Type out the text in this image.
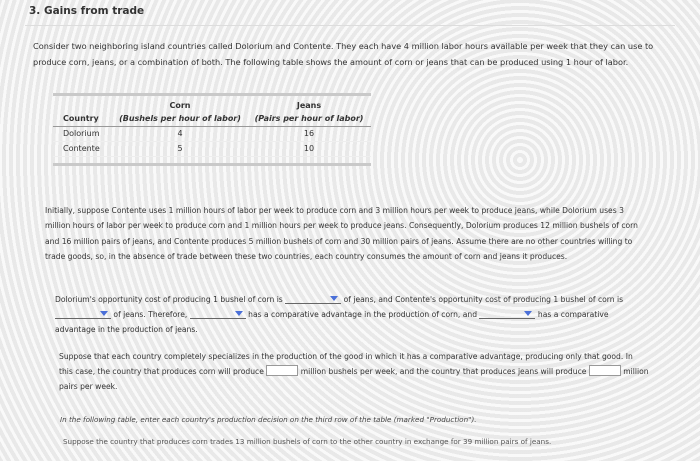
3. Gains from trade
Consider two neighboring island countries called Dolorium and Contente. They each have 4 million labor hours available per week that they can use to produce corn, jeans, or a combination of both. The following table shows the amount of corn or jeans that can be produced using 1 hour of labor.
	Corn	Jeans
Country	(Bushels per hour of labor)	(Pairs per hour of labor)
Dolorium	4	16
Contente	5	10
Initially, suppose Contente uses 1 million hours of labor per week to produce corn and 3 million hours per week to produce jeans, while Dolorium uses 3 million hours of labor per week to produce corn and 1 million hours per week to produce jeans. Consequently, Dolorium produces 12 million bushels of corn and 16 million pairs of jeans, and Contente produces 5 million bushels of corn and 30 million pairs of jeans. Assume there are no other countries willing to trade goods, so, in the absence of trade between these two countries, each country consumes the amount of corn and jeans it produces.
Dolorium's opportunity cost of producing 1 bushel of corn is	of jeans, and Contente's opportunity cost of producing 1 bushel of corn is

of jeans. Therefore,	has a comparative advantage in the production of corn, and	has a comparative
advantage in the production of jeans.
Suppose that each country completely specializes in the production of the good in which it has a comparative advantage, producing only that good. In this case, the country that produces corn will produce	million bushels per week, and the country that produces jeans will produce	million pairs per week.
In the following table, enter each country's production decision on the third row of the table (marked "Production").
Suppose the country that produces corn trades 13 million bushels of corn to the other country in exchange for 39 million pairs of jeans.
